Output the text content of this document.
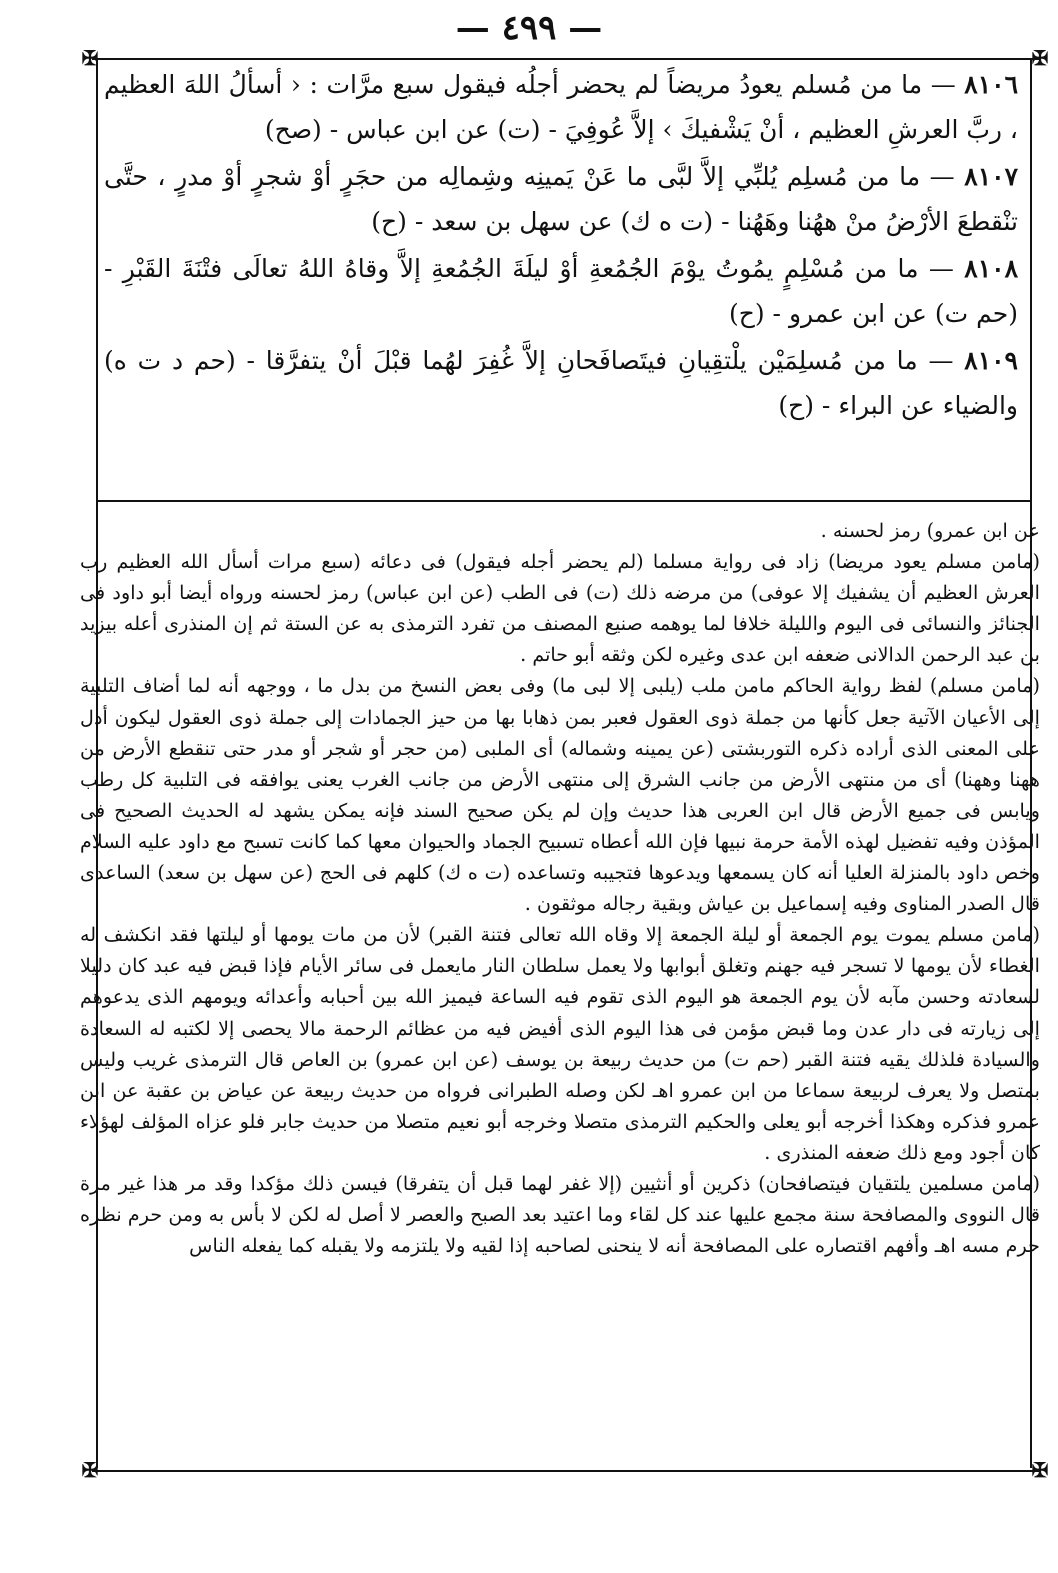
— ٤٩٩ —
✠	✠
✠	✠

٨١٠٦ — ما من مُسلم يعودُ مريضاً لم يحضر أجلُه فيقول سبع مرَّات : ‹ أسألُ اللهَ العظيم ، ربَّ العرشِ العظيم ، أنْ يَشْفيكَ › إلاَّ عُوفِيَ - (ت) عن ابن عباس - (صح)

٨١٠٧ — ما من مُسلِم يُلبِّي إلاَّ لبَّى ما عَنْ يَمينِه وشِمالِه من حجَرٍ أوْ شجرٍ أوْ مدرٍ ، حتَّى تنْقطعَ الأرْضُ منْ ههُنا وهَهُنا - (ت ه ك) عن سهل بن سعد - (ح)

٨١٠٨ — ما من مُسْلِمٍ يمُوتُ يوْمَ الجُمُعةِ أوْ ليلَةَ الجُمُعةِ إلاَّ وقاهُ اللهُ تعالَى فتْنَةَ القَبْرِ - (حم ت) عن ابن عمرو - (ح)

٨١٠٩ — ما من مُسلِمَيْن يلْتقِيانِ فيتَصافَحانِ إلاَّ غُفِرَ لهُما قبْلَ أنْ يتفرَّقا - (حم د ت ه) والضياء عن البراء - (ح)

عن ابن عمرو) رمز لحسنه .

(مامن مسلم يعود مريضا) زاد فى رواية مسلما (لم يحضر أجله فيقول) فى دعائه (سبع مرات أسأل الله العظيم رب العرش العظيم أن يشفيك إلا عوفى) من مرضه ذلك (ت) فى الطب (عن ابن عباس) رمز لحسنه ورواه أيضا أبو داود فى الجنائز والنسائى فى اليوم والليلة خلافا لما يوهمه صنيع المصنف من تفرد الترمذى به عن الستة ثم إن المنذرى أعله بيزيد بن عبد الرحمن الدالانى ضعفه ابن عدى وغيره لكن وثقه أبو حاتم .

(مامن مسلم) لفظ رواية الحاكم مامن ملب (يلبى إلا لبى ما) وفى بعض النسخ من بدل ما ، ووجهه أنه لما أضاف التلبية إلى الأعيان الآتية جعل كأنها من جملة ذوى العقول فعبر بمن ذهابا بها من حيز الجمادات إلى جملة ذوى العقول ليكون أدل على المعنى الذى أراده ذكره التوربشتى (عن يمينه وشماله) أى الملبى (من حجر أو شجر أو مدر حتى تنقطع الأرض من ههنا وههنا) أى من منتهى الأرض من جانب الشرق إلى منتهى الأرض من جانب الغرب يعنى يوافقه فى التلبية كل رطب ويابس فى جميع الأرض قال ابن العربى هذا حديث وإن لم يكن صحيح السند فإنه يمكن يشهد له الحديث الصحيح فى المؤذن وفيه تفضيل لهذه الأمة حرمة نبيها فإن الله أعطاه تسبيح الجماد والحيوان معها كما كانت تسبح مع داود عليه السلام وخص داود بالمنزلة العليا أنه كان يسمعها ويدعوها فتجيبه وتساعده (ت ه ك) كلهم فى الحج (عن سهل بن سعد) الساعدى قال الصدر المناوى وفيه إسماعيل بن عياش وبقية رجاله موثقون .

(مامن مسلم يموت يوم الجمعة أو ليلة الجمعة إلا وقاه الله تعالى فتنة القبر) لأن من مات يومها أو ليلتها فقد انكشف له الغطاء لأن يومها لا تسجر فيه جهنم وتغلق أبوابها ولا يعمل سلطان النار مايعمل فى سائر الأيام فإذا قبض فيه عبد كان دليلا لسعادته وحسن مآبه لأن يوم الجمعة هو اليوم الذى تقوم فيه الساعة فيميز الله بين أحبابه وأعدائه ويومهم الذى يدعوهم إلى زيارته فى دار عدن وما قبض مؤمن فى هذا اليوم الذى أفيض فيه من عظائم الرحمة مالا يحصى إلا لكتبه له السعادة والسيادة فلذلك يقيه فتنة القبر (حم ت) من حديث ربيعة بن يوسف (عن ابن عمرو) بن العاص قال الترمذى غريب وليس بمتصل ولا يعرف لربيعة سماعا من ابن عمرو اهـ لكن وصله الطبرانى فرواه من حديث ربيعة عن عياض بن عقبة عن ابن عمرو فذكره وهكذا أخرجه أبو يعلى والحكيم الترمذى متصلا وخرجه أبو نعيم متصلا من حديث جابر فلو عزاه المؤلف لهؤلاء كان أجود ومع ذلك ضعفه المنذرى .

(مامن مسلمين يلتقيان فيتصافحان) ذكرين أو أنثيين (إلا غفر لهما قبل أن يتفرقا) فيسن ذلك مؤكدا وقد مر هذا غير مرة قال النووى والمصافحة سنة مجمع عليها عند كل لقاء وما اعتيد بعد الصبح والعصر لا أصل له لكن لا بأس به ومن حرم نظره حرم مسه اهـ وأفهم اقتصاره على المصافحة أنه لا ينحنى لصاحبه إذا لقيه ولا يلتزمه ولا يقبله كما يفعله الناس
